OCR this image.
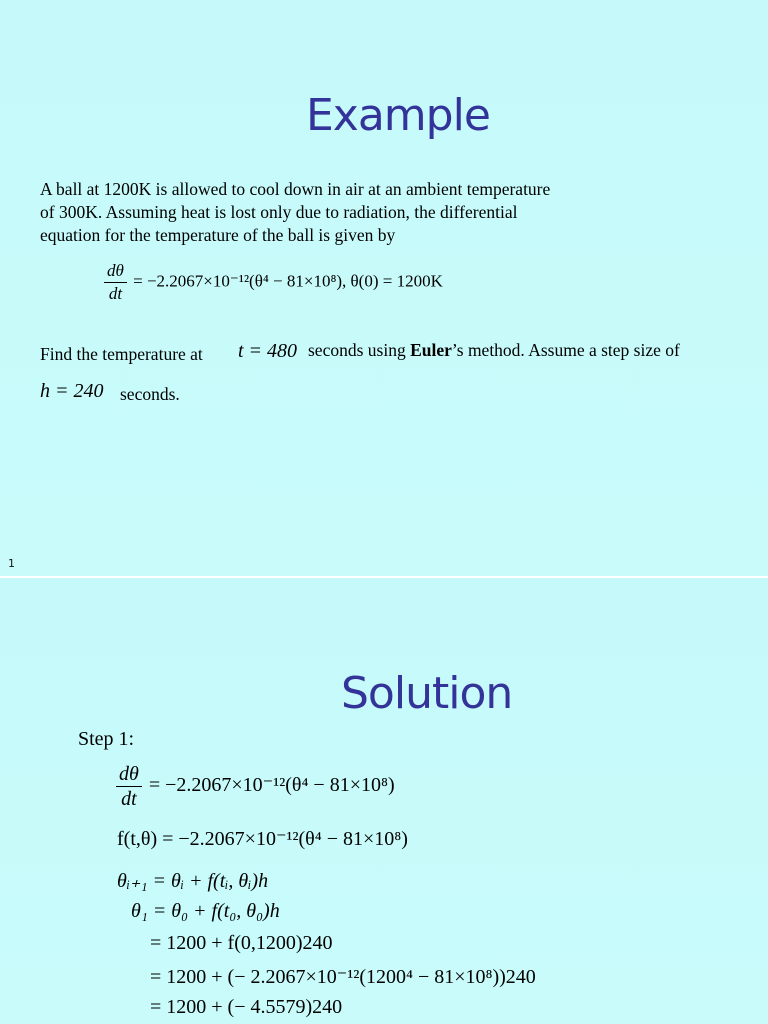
Example
A ball at 1200K is allowed to cool down in air at an ambient temperature
of 300K. Assuming heat is lost only due to radiation, the differential
equation for the temperature of the ball is given by
$\frac{d\theta}{dt} = -2.2067\times 10^{-12}(\theta^4 - 81\times 10^8)$, θ(0) = 1200K
Find the temperature at t = 480 seconds using Euler’s method. Assume a step size of
h = 240 seconds.
1
Solution
Step 1:
$\frac{d\theta}{dt} = -2.2067\times 10^{-12}(\theta^4 - 81\times 10^8)$
f(t,θ) = −2.2067×10⁻¹²(θ⁴ − 81×10⁸)
θᵢ₊₁ = θᵢ + f(tᵢ, θᵢ)h
θ₁ = θ₀ + f(t₀, θ₀)h
= 1200 + f(0,1200)240
= 1200 + (− 2.2067×10⁻¹²(1200⁴ − 81×10⁸))240
= 1200 + (− 4.5579)240
